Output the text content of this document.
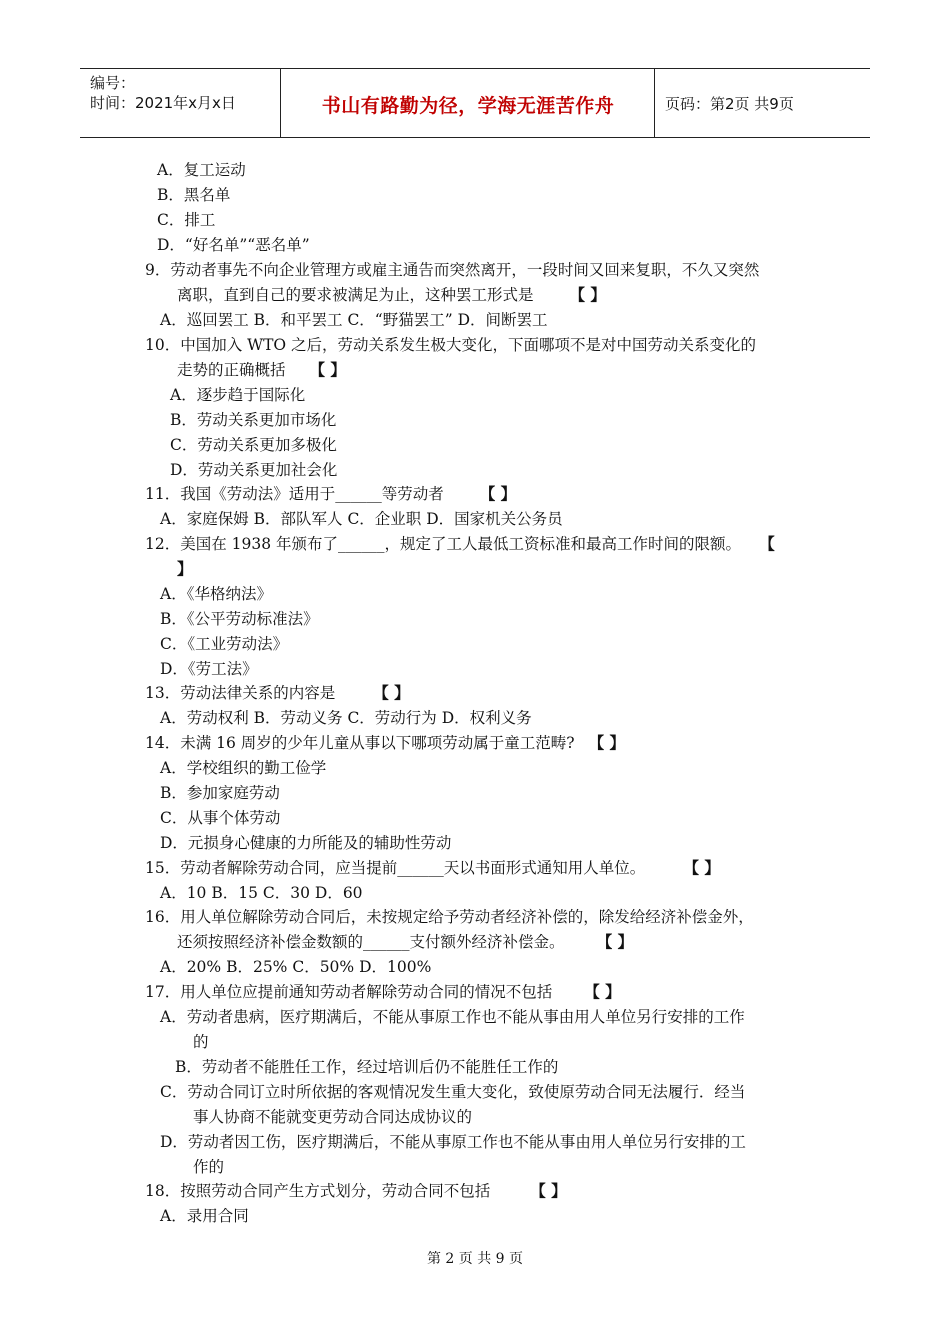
编号：
时间：2021年x月x日	书山有路勤为径，学海无涯苦作舟	页码：第2页 共9页
A．复工运动
B．黑名单
C．排工
D．“好名单”“恶名单”
9．劳动者事先不向企业管理方或雇主通告而突然离开，一段时间又回来复职，不久又突然
离职，直到自己的要求被满足为止，这种罢工形式是 【 】
A．巡回罢工 B．和平罢工 C．“野猫罢工” D．间断罢工
10．中国加入 WTO 之后，劳动关系发生极大变化，下面哪项不是对中国劳动关系变化的
走势的正确概括 【 】
A．逐步趋于国际化
B．劳动关系更加市场化
C．劳动关系更加多极化
D．劳动关系更加社会化
11．我国《劳动法》适用于______等劳动者 【 】
A．家庭保姆 B．部队军人 C．企业职 D．国家机关公务员
12．美国在 1938 年颁布了______，规定了工人最低工资标准和最高工作时间的限额。 【
】
A．《华格纳法》
B．《公平劳动标准法》
C．《工业劳动法》
D．《劳工法》
13．劳动法律关系的内容是 【 】
A．劳动权利 B．劳动义务 C．劳动行为 D．权利义务
14．未满 16 周岁的少年儿童从事以下哪项劳动属于童工范畴? 【 】
A．学校组织的勤工俭学
B．参加家庭劳动
C．从事个体劳动
D．元损身心健康的力所能及的辅助性劳动
15．劳动者解除劳动合同，应当提前______天以书面形式通知用人单位。	【 】
A．10 B．15 C．30 D．60
16．用人单位解除劳动合同后，未按规定给予劳动者经济补偿的，除发给经济补偿金外，
还须按照经济补偿金数额的______支付额外经济补偿金。	【 】
A．20% B．25% C．50% D．100%
17．用人单位应提前通知劳动者解除劳动合同的情况不包括 【 】
A．劳动者患病，医疗期满后，不能从事原工作也不能从事由用人单位另行安排的工作
的
B．劳动者不能胜任工作，经过培训后仍不能胜任工作的
C．劳动合同订立时所依据的客观情况发生重大变化，致使原劳动合同无法履行．经当
事人协商不能就变更劳动合同达成协议的
D．劳动者因工伤，医疗期满后，不能从事原工作也不能从事由用人单位另行安排的工
作的
18．按照劳动合同产生方式划分，劳动合同不包括	【 】
A．录用合同
第 2 页 共 9 页
